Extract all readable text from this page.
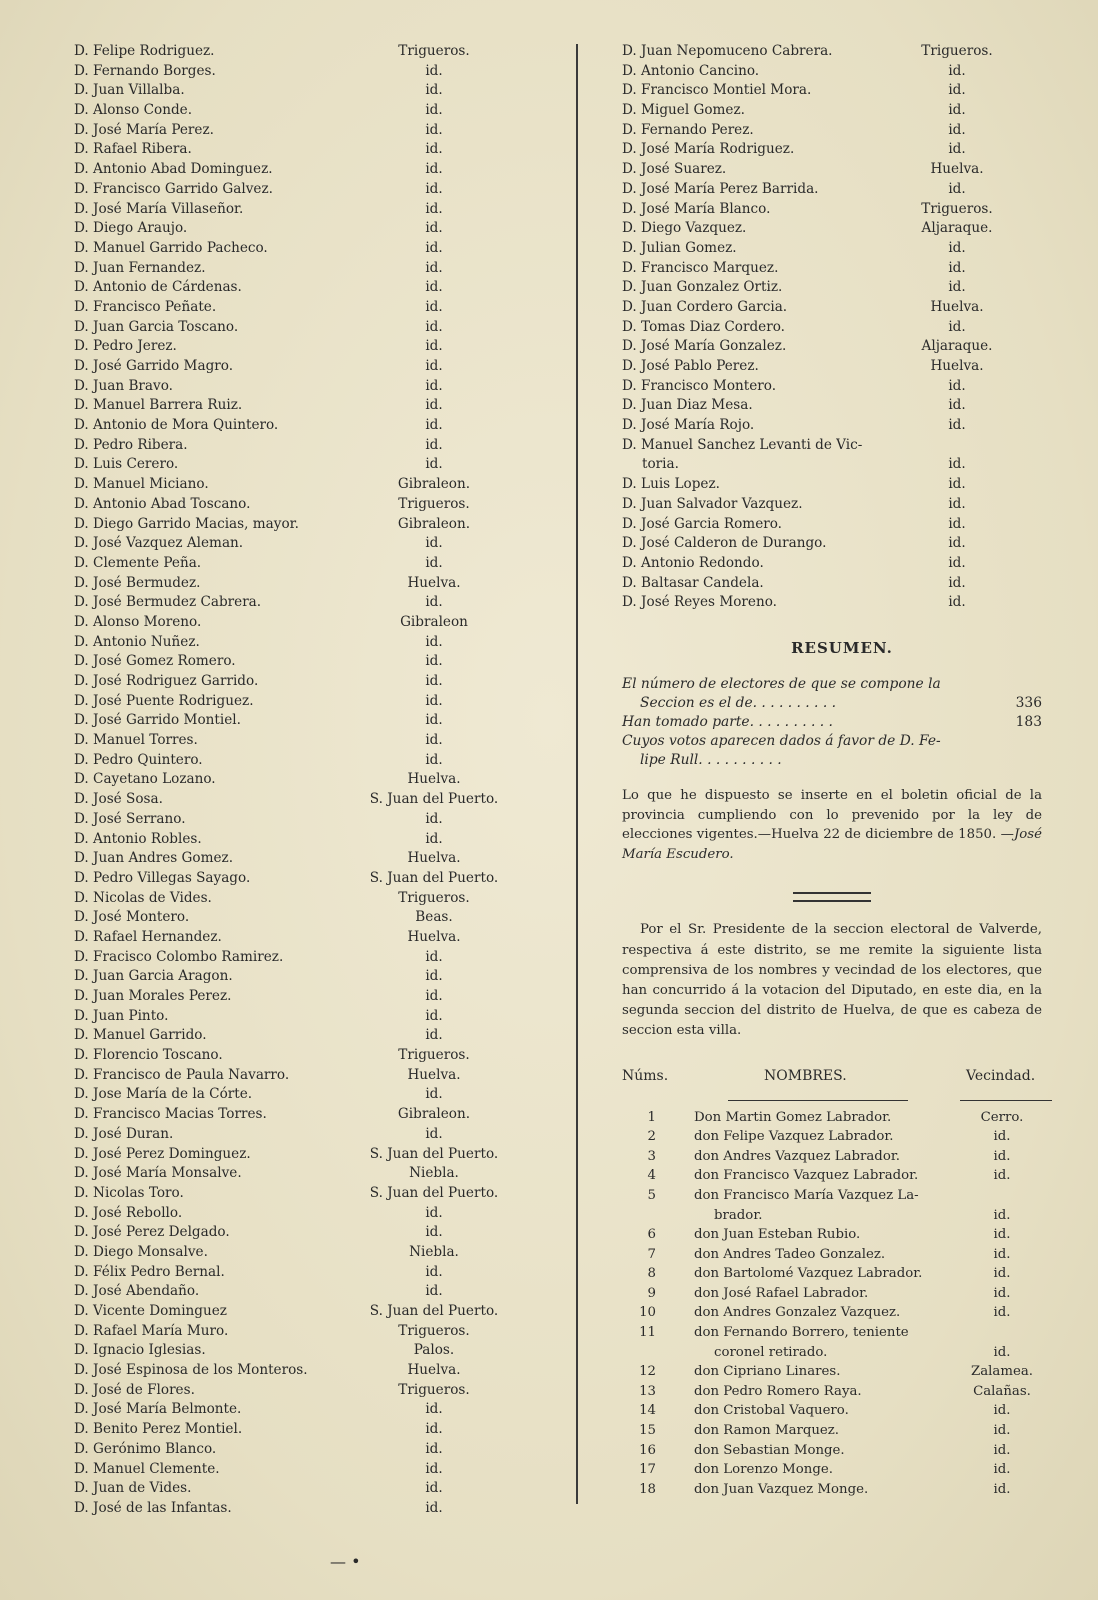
D. Felipe Rodriguez.	Trigueros.
D. Fernando Borges.	id.
D. Juan Villalba.	id.
D. Alonso Conde.	id.
D. José María Perez.	id.
D. Rafael Ribera.	id.
D. Antonio Abad Dominguez.	id.
D. Francisco Garrido Galvez.	id.
D. José María Villaseñor.	id.
D. Diego Araujo.	id.
D. Manuel Garrido Pacheco.	id.
D. Juan Fernandez.	id.
D. Antonio de Cárdenas.	id.
D. Francisco Peñate.	id.
D. Juan Garcia Toscano.	id.
D. Pedro Jerez.	id.
D. José Garrido Magro.	id.
D. Juan Bravo.	id.
D. Manuel Barrera Ruiz.	id.
D. Antonio de Mora Quintero.	id.
D. Pedro Ribera.	id.
D. Luis Cerero.	id.
D. Manuel Miciano.	Gibraleon.
D. Antonio Abad Toscano.	Trigueros.
D. Diego Garrido Macias, mayor.	Gibraleon.
D. José Vazquez Aleman.	id.
D. Clemente Peña.	id.
D. José Bermudez.	Huelva.
D. José Bermudez Cabrera.	id.
D. Alonso Moreno.	Gibraleon
D. Antonio Nuñez.	id.
D. José Gomez Romero.	id.
D. José Rodriguez Garrido.	id.
D. José Puente Rodriguez.	id.
D. José Garrido Montiel.	id.
D. Manuel Torres.	id.
D. Pedro Quintero.	id.
D. Cayetano Lozano.	Huelva.
D. José Sosa.	S. Juan del Puerto.
D. José Serrano.	id.
D. Antonio Robles.	id.
D. Juan Andres Gomez.	Huelva.
D. Pedro Villegas Sayago.	S. Juan del Puerto.
D. Nicolas de Vides.	Trigueros.
D. José Montero.	Beas.
D. Rafael Hernandez.	Huelva.
D. Fracisco Colombo Ramirez.	id.
D. Juan Garcia Aragon.	id.
D. Juan Morales Perez.	id.
D. Juan Pinto.	id.
D. Manuel Garrido.	id.
D. Florencio Toscano.	Trigueros.
D. Francisco de Paula Navarro.	Huelva.
D. Jose María de la Córte.	id.
D. Francisco Macias Torres.	Gibraleon.
D. José Duran.	id.
D. José Perez Dominguez.	S. Juan del Puerto.
D. José María Monsalve.	Niebla.
D. Nicolas Toro.	S. Juan del Puerto.
D. José Rebollo.	id.
D. José Perez Delgado.	id.
D. Diego Monsalve.	Niebla.
D. Félix Pedro Bernal.	id.
D. José Abendaño.	id.
D. Vicente Dominguez	S. Juan del Puerto.
D. Rafael María Muro.	Trigueros.
D. Ignacio Iglesias.	Palos.
D. José Espinosa de los Monteros.	Huelva.
D. José de Flores.	Trigueros.
D. José María Belmonte.	id.
D. Benito Perez Montiel.	id.
D. Gerónimo Blanco.	id.
D. Manuel Clemente.	id.
D. Juan de Vides.	id.
D. José de las Infantas.	id.
D. Juan Nepomuceno Cabrera.	Trigueros.
D. Antonio Cancino.	id.
D. Francisco Montiel Mora.	id.
D. Miguel Gomez.	id.
D. Fernando Perez.	id.
D. José María Rodriguez.	id.
D. José Suarez.	Huelva.
D. José María Perez Barrida.	id.
D. José María Blanco.	Trigueros.
D. Diego Vazquez.	Aljaraque.
D. Julian Gomez.	id.
D. Francisco Marquez.	id.
D. Juan Gonzalez Ortiz.	id.
D. Juan Cordero Garcia.	Huelva.
D. Tomas Diaz Cordero.	id.
D. José María Gonzalez.	Aljaraque.
D. José Pablo Perez.	Huelva.
D. Francisco Montero.	id.
D. Juan Diaz Mesa.	id.
D. José María Rojo.	id.
D. Manuel Sanchez Levanti de Vic-
toria.	id.
D. Luis Lopez.	id.
D. Juan Salvador Vazquez.	id.
D. José Garcia Romero.	id.
D. José Calderon de Durango.	id.
D. Antonio Redondo.	id.
D. Baltasar Candela.	id.
D. José Reyes Moreno.	id.
RESUMEN.
El número de electores de que se compone la
Seccion es el de. . . . . . . . . .	336
Han tomado parte. . . . . . . . . .	183
Cuyos votos aparecen dados á favor de D. Fe-
lipe Rull. . . . . . . . . .
Lo que he dispuesto se inserte en el boletin oficial de la provincia cumpliendo con lo prevenido por la ley de elecciones vigentes.—Huelva 22 de diciembre de 1850. —José María Escudero.
Por el Sr. Presidente de la seccion electoral de Valverde, respectiva á este distrito, se me remite la siguiente lista comprensiva de los nombres y vecindad de los electores, que han concurrido á la votacion del Diputado, en este dia, en la segunda seccion del distrito de Huelva, de que es cabeza de seccion esta villa.
Núms.	NOMBRES.	Vecindad.
1	Don Martin Gomez Labrador.	Cerro.
2	don Felipe Vazquez Labrador.	id.
3	don Andres Vazquez Labrador.	id.
4	don Francisco Vazquez Labrador.	id.
5	don Francisco María Vazquez La-
brador.	id.
6	don Juan Esteban Rubio.	id.
7	don Andres Tadeo Gonzalez.	id.
8	don Bartolomé Vazquez Labrador.	id.
9	don José Rafael Labrador.	id.
10	don Andres Gonzalez Vazquez.	id.
11	don Fernando Borrero, teniente
coronel retirado.	id.
12	don Cipriano Linares.	Zalamea.
13	don Pedro Romero Raya.	Calañas.
14	don Cristobal Vaquero.	id.
15	don Ramon Marquez.	id.
16	don Sebastian Monge.	id.
17	don Lorenzo Monge.	id.
18	don Juan Vazquez Monge.	id.
— •
